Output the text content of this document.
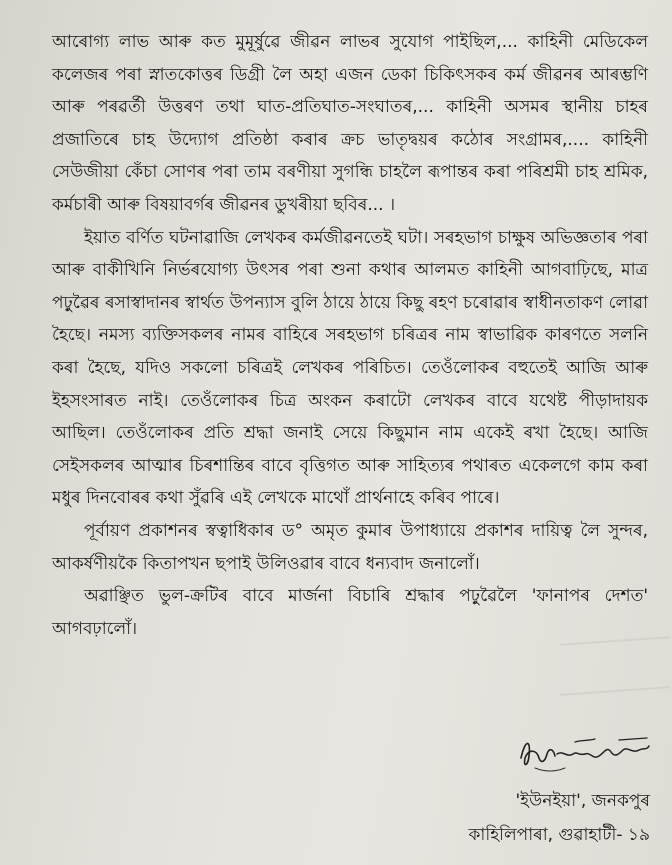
আৰোগ্য লাভ আৰু কত মুমূৰ্ষুৱে জীৱন লাভৰ সুযোগ পাইছিল,... কাহিনী মেডিকেল কলেজৰ পৰা স্নাতকোত্তৰ ডিগ্ৰী লৈ অহা এজন ডেকা চিকিৎসকৰ কৰ্ম জীৱনৰ আৰম্ভণি আৰু পৰৱৰ্তী উত্তৰণ তথা ঘাত-প্ৰতিঘাত-সংঘাতৰ,... কাহিনী অসমৰ স্থানীয় চাহৰ প্ৰজাতিৰে চাহ উদ্যোগ প্ৰতিষ্ঠা কৰাৰ ক্ৰচ ভাতৃদ্বয়ৰ কঠোৰ সংগ্ৰামৰ,.... কাহিনী সেউজীয়া কেঁচা সোণৰ পৰা তাম বৰণীয়া সুগন্ধি চাহলৈ ৰূপান্তৰ কৰা পৰিশ্ৰমী চাহ শ্ৰমিক, কৰ্মচাৰী আৰু বিষয়াবৰ্গৰ জীৱনৰ ডুখৰীয়া ছবিৰ... ।

ইয়াত বৰ্ণিত ঘটনাৱাজি লেখকৰ কৰ্মজীৱনতেই ঘটা। সৰহভাগ চাক্ষুষ অভিজ্ঞতাৰ পৰা আৰু বাকীখিনি নিৰ্ভৰযোগ্য উৎসৰ পৰা শুনা কথাৰ আলমত কাহিনী আগবাঢ়িছে, মাত্ৰ পঢ়ুৱৈৰ ৰসাস্বাদানৰ স্বাৰ্থত উপন্যাস বুলি ঠায়ে ঠায়ে কিছু ৰহণ চৰোৱাৰ স্বাধীনতাকণ লোৱা হৈছে। নমস্য ব্যক্তিসকলৰ নামৰ বাহিৰে সৰহভাগ চৰিত্ৰৰ নাম স্বাভাৱিক কাৰণতে সলনি কৰা হৈছে, যদিও সকলো চৰিত্ৰই লেখকৰ পৰিচিত। তেওঁলোকৰ বহুতেই আজি আৰু ইহসংসাৰত নাই। তেওঁলোকৰ চিত্ৰ অংকন কৰাটো লেখকৰ বাবে যথেষ্ট পীড়াদায়ক আছিল। তেওঁলোকৰ প্ৰতি শ্ৰদ্ধা জনাই সেয়ে কিছুমান নাম একেই ৰখা হৈছে। আজি সেইসকলৰ আত্মাৰ চিৰশান্তিৰ বাবে বৃত্তিগত আৰু সাহিত্যৰ পথাৰত একেলগে কাম কৰা মধুৰ দিনবোৰৰ কথা সুঁৱৰি এই লেখকে মাথোঁ প্ৰাৰ্থনাহে কৰিব পাৰে।

পূৰ্বায়ণ প্ৰকাশনৰ স্বত্বাধিকাৰ ড° অমৃত কুমাৰ উপাধ্যায়ে প্ৰকাশৰ দায়িত্ব লৈ সুন্দৰ, আকৰ্ষণীয়কৈ কিতাপখন ছপাই উলিওৱাৰ বাবে ধন্যবাদ জনালোঁ।

অৱাঞ্ছিত ভুল-ক্ৰটিৰ বাবে মাৰ্জনা বিচাৰি শ্ৰদ্ধাৰ পঢ়ুৱৈলৈ 'ফানাপৰ দেশত' আগবঢ়ালোঁ।

'ইউনইয়া', জনকপুৰ
কাহিলিপাৰা, গুৱাহাটী- ১৯
